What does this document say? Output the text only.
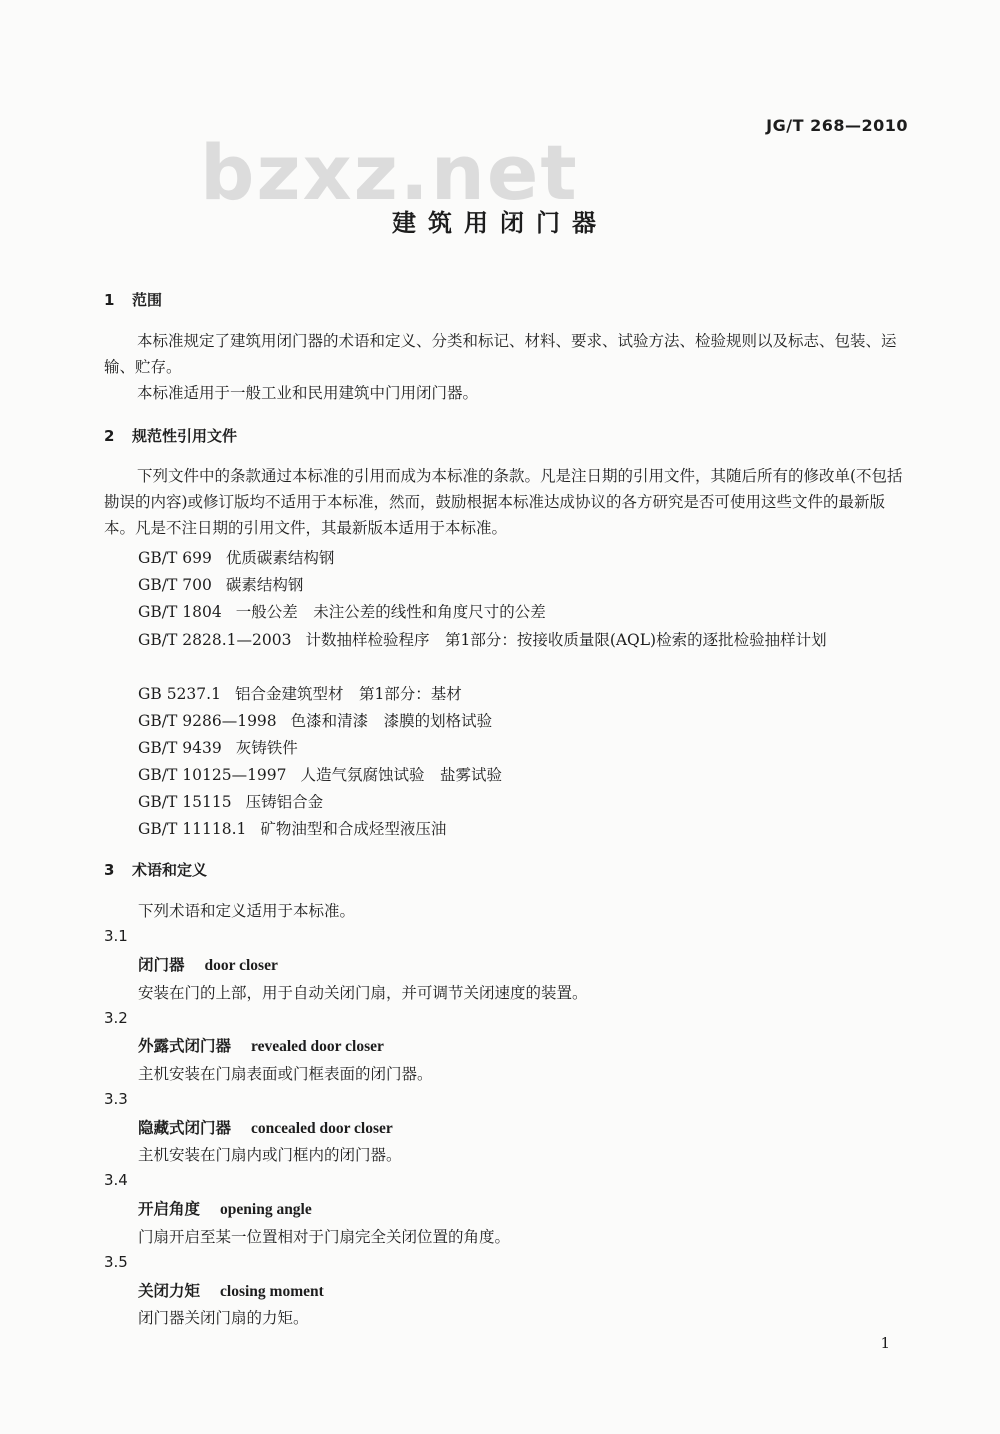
JG/T 268—2010
bzxz.net
建筑用闭门器
1 范围
本标准规定了建筑用闭门器的术语和定义、分类和标记、材料、要求、试验方法、检验规则以及标志、包装、运输、贮存。
本标准适用于一般工业和民用建筑中门用闭门器。
2 规范性引用文件
下列文件中的条款通过本标准的引用而成为本标准的条款。凡是注日期的引用文件，其随后所有的修改单(不包括勘误的内容)或修订版均不适用于本标准，然而，鼓励根据本标准达成协议的各方研究是否可使用这些文件的最新版本。凡是不注日期的引用文件，其最新版本适用于本标准。
GB/T 699 优质碳素结构钢
GB/T 700 碳素结构钢
GB/T 1804 一般公差　未注公差的线性和角度尺寸的公差
GB/T 2828.1—2003 计数抽样检验程序　第1部分：按接收质量限(AQL)检索的逐批检验抽样计划
GB 5237.1 铝合金建筑型材　第1部分：基材
GB/T 9286—1998 色漆和清漆　漆膜的划格试验
GB/T 9439 灰铸铁件
GB/T 10125—1997 人造气氛腐蚀试验　盐雾试验
GB/T 15115 压铸铝合金
GB/T 11118.1 矿物油型和合成烃型液压油
3 术语和定义
下列术语和定义适用于本标准。
3.1
闭门器 door closer
安装在门的上部，用于自动关闭门扇，并可调节关闭速度的装置。
3.2
外露式闭门器 revealed door closer
主机安装在门扇表面或门框表面的闭门器。
3.3
隐藏式闭门器 concealed door closer
主机安装在门扇内或门框内的闭门器。
3.4
开启角度 opening angle
门扇开启至某一位置相对于门扇完全关闭位置的角度。
3.5
关闭力矩 closing moment
闭门器关闭门扇的力矩。
1
